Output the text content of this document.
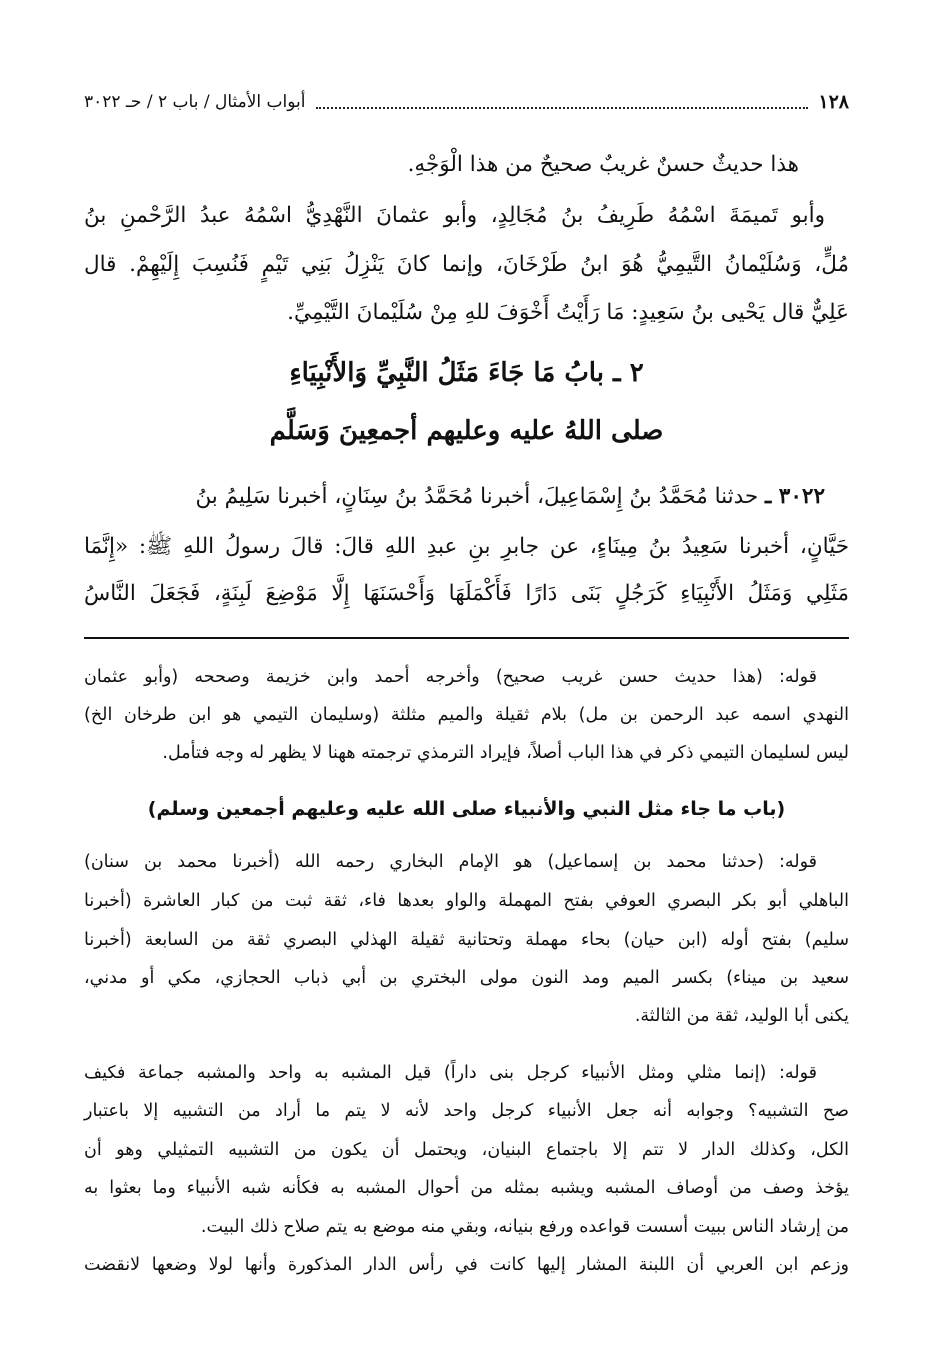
١٢٨
أبواب الأمثال / باب ٢ / حـ ٣٠٢٢
هذا حديثٌ حسنٌ غريبٌ صحيحٌ من هذا الْوَجْهِ.
وأبو تَميمَةَ اسْمُهُ طَرِيفُ بنُ مُجَالِدٍ، وأبو عثمانَ النَّهْدِيُّ اسْمُهُ عبدُ الرَّحْمنِ بنُ
مُلٍّ، وَسُلَيْمانُ التَّيمِيُّ هُوَ ابنُ طَرْخَانَ، وإنما كانَ يَنْزِلُ بَنِي تَيْمٍ فَنُسِبَ إِلَيْهِمْ. قال
عَلِيٌّ قال يَحْيى بنُ سَعِيدٍ: مَا رَأَيْتُ أَخْوَفَ للهِ مِنْ سُلَيْمانَ التَّيْمِيِّ.
٢ ـ بابُ مَا جَاءَ مَثَلُ النَّبِيِّ وَالأَنْبِيَاءِ
صلى اللهُ عليه وعليهم أجمعِينَ وَسَلَّم
٣٠٢٢ ـ حدثنا مُحَمَّدُ بنُ إِسْمَاعِيلَ، أخبرنا مُحَمَّدُ بنُ سِنَانٍ، أخبرنا سَلِيمُ بنُ
حَيَّانٍ، أخبرنا سَعِيدُ بنُ مِينَاءٍ، عن جابرِ بنِ عبدِ اللهِ قالَ: قالَ رسولُ اللهِ ﷺ: «إِنَّمَا
مَثَلِي وَمَثَلُ الأَنْبِيَاءِ كَرَجُلٍ بَنَى دَارًا فَأَكْمَلَهَا وَأَحْسَنَهَا إِلَّا مَوْضِعَ لَبِنَةٍ، فَجَعَلَ النَّاسُ
قوله: (هذا حديث حسن غريب صحيح) وأخرجه أحمد وابن خزيمة وصححه (وأبو عثمان
النهدي اسمه عبد الرحمن بن مل) بلام ثقيلة والميم مثلثة (وسليمان التيمي هو ابن طرخان الخ)
ليس لسليمان التيمي ذكر في هذا الباب أصلاً، فإيراد الترمذي ترجمته ههنا لا يظهر له وجه فتأمل.
(باب ما جاء مثل النبي والأنبياء صلى الله عليه وعليهم أجمعين وسلم)
قوله: (حدثنا محمد بن إسماعيل) هو الإمام البخاري رحمه الله (أخبرنا محمد بن سنان)
الباهلي أبو بكر البصري العوفي بفتح المهملة والواو بعدها فاء، ثقة ثبت من كبار العاشرة (أخبرنا
سليم) بفتح أوله (ابن حيان) بحاء مهملة وتحتانية ثقيلة الهذلي البصري ثقة من السابعة (أخبرنا
سعيد بن ميناء) بكسر الميم ومد النون مولى البختري بن أبي ذباب الحجازي، مكي أو مدني،
يكنى أبا الوليد، ثقة من الثالثة.
قوله: (إنما مثلي ومثل الأنبياء كرجل بنى داراً) قيل المشبه به واحد والمشبه جماعة فكيف
صح التشبيه؟ وجوابه أنه جعل الأنبياء كرجل واحد لأنه لا يتم ما أراد من التشبيه إلا باعتبار
الكل، وكذلك الدار لا تتم إلا باجتماع البنيان، ويحتمل أن يكون من التشبيه التمثيلي وهو أن
يؤخذ وصف من أوصاف المشبه ويشبه بمثله من أحوال المشبه به فكأنه شبه الأنبياء وما بعثوا به
من إرشاد الناس ببيت أسست قواعده ورفع بنيانه، وبقي منه موضع به يتم صلاح ذلك البيت.
وزعم ابن العربي أن اللبنة المشار إليها كانت في رأس الدار المذكورة وأنها لولا وضعها لانقضت
